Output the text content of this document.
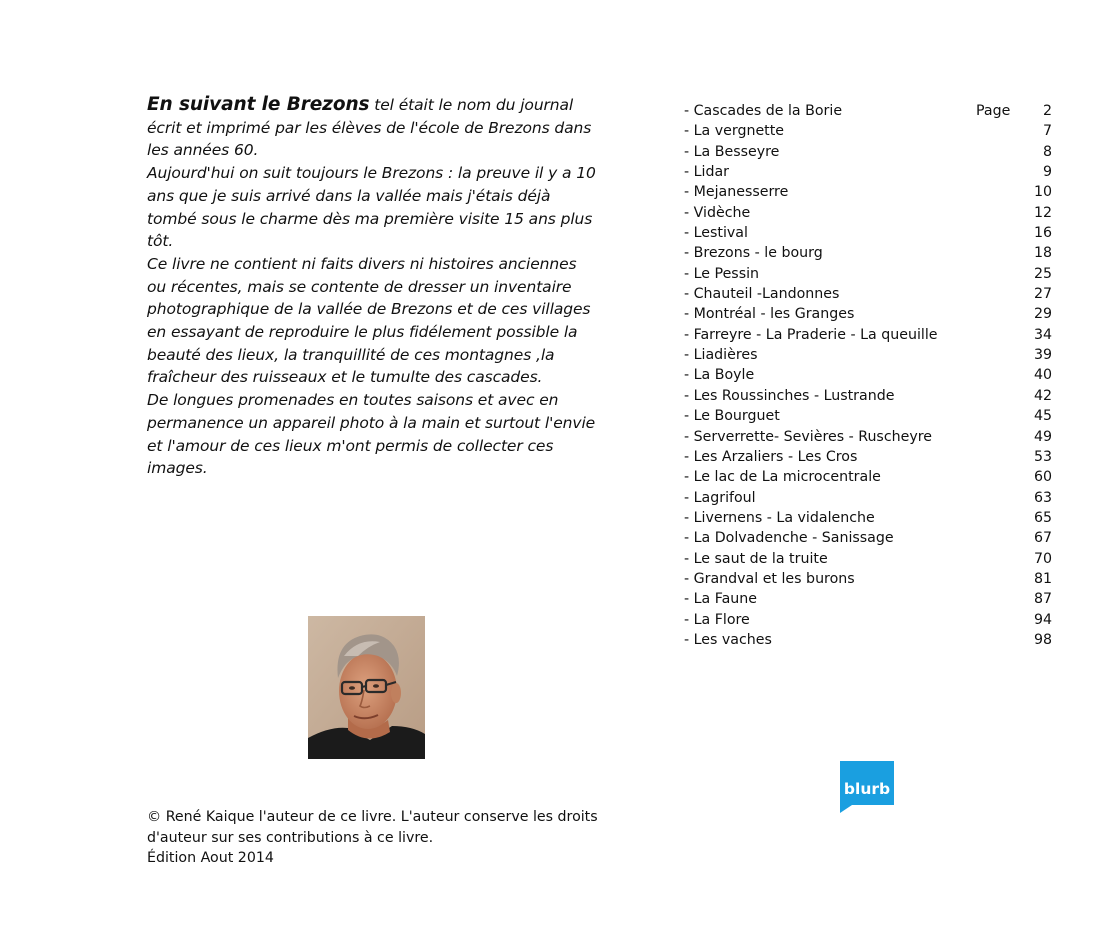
En suivant le Brezons tel était le nom du journal écrit et imprimé par les élèves de l'école de Brezons dans les années 60.

Aujourd'hui on suit toujours le Brezons : la preuve il y a 10 ans que je suis arrivé dans la vallée mais j'étais déjà tombé sous le charme dès ma première visite 15 ans plus tôt.

Ce livre ne contient ni faits divers ni histoires anciennes ou récentes, mais se contente de dresser un inventaire photographique de la vallée de Brezons et de ces villages en essayant de reproduire le plus fidélement possible la beauté des lieux, la tranquillité de ces montagnes ,la fraîcheur des ruisseaux et le tumulte des cascades.

De longues promenades en toutes saisons et avec en permanence un appareil photo à la main et surtout l'envie et l'amour de ces lieux m'ont permis de collecter ces images.

© René Kaique l'auteur de ce livre. L'auteur conserve les droits
d'auteur sur ses contributions à ce livre.
Édition Aout 2014
blurb
- Cascades de la Borie	Page 2
- La vergnette	7
- La Besseyre	8
- Lidar	9
- Mejanesserre	10
- Vidèche	12
- Lestival	16
- Brezons - le bourg	18
- Le Pessin	25
- Chauteil -Landonnes	27
- Montréal - les Granges	29
- Farreyre - La Praderie - La queuille	34
- Liadières	39
- La Boyle	40
- Les Roussinches - Lustrande	42
- Le Bourguet	45
- Serverrette- Sevières - Ruscheyre	49
- Les Arzaliers - Les Cros	53
- Le lac de La microcentrale	60
- Lagrifoul	63
- Livernens - La vidalenche	65
- La Dolvadenche - Sanissage	67
- Le saut de la truite	70
- Grandval et les burons	81
- La Faune	87
- La Flore	94
- Les vaches	98
